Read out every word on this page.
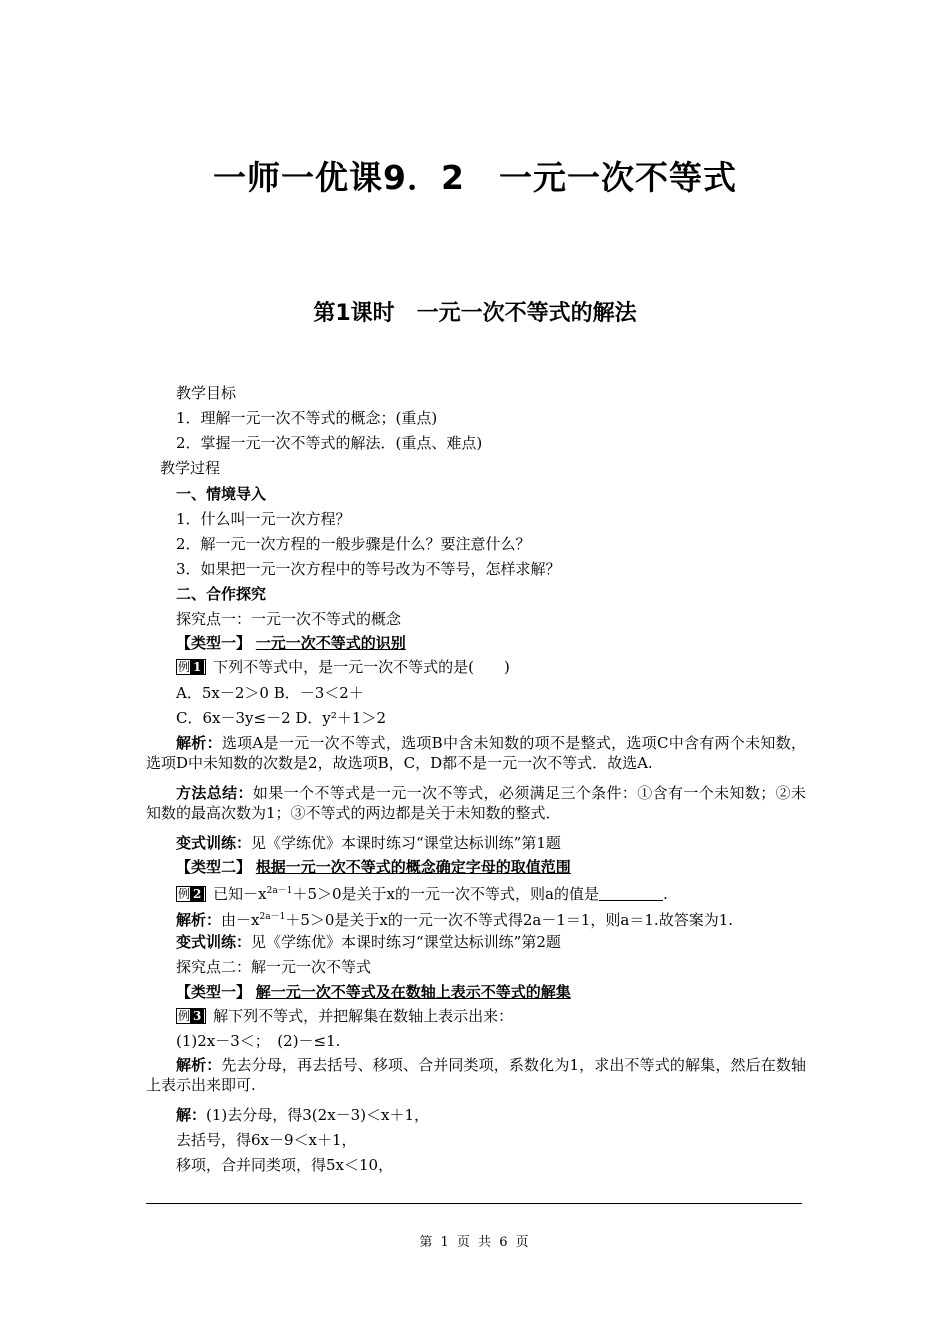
一师一优课9．2　一元一次不等式
第1课时　一元一次不等式的解法
教学目标
1．理解一元一次不等式的概念；(重点)
2．掌握一元一次不等式的解法．(重点、难点)
教学过程
一、情境导入
1．什么叫一元一次方程？
2．解一元一次方程的一般步骤是什么？要注意什么？
3．如果把一元一次方程中的等号改为不等号，怎样求解？
二、合作探究
探究点一：一元一次不等式的概念
【类型一】 一元一次不等式的识别
例 1 下列不等式中，是一元一次不等式的是(　　)
A．5x－2＞0 B．－3＜2＋
C．6x－3y≤－2 D．y²＋1＞2
解析：选项A是一元一次不等式，选项B中含未知数的项不是整式，选项C中含有两个未知数，选项D中未知数的次数是2，故选项B，C，D都不是一元一次不等式．故选A.
方法总结：如果一个不等式是一元一次不等式，必须满足三个条件：①含有一个未知数；②未知数的最高次数为1；③不等式的两边都是关于未知数的整式．
变式训练：见《学练优》本课时练习“课堂达标训练”第1题
【类型二】 根据一元一次不等式的概念确定字母的取值范围
例 2 已知$-x^{2a-1}+5>0$是关于x的一元一次不等式，则a的值是	.
解析：由$-x^{2a-1}+5>0$是关于x的一元一次不等式得2a－1＝1，则a＝1.故答案为1.
变式训练：见《学练优》本课时练习“课堂达标训练”第2题
探究点二：解一元一次不等式
【类型一】 解一元一次不等式及在数轴上表示不等式的解集
例 3 解下列不等式，并把解集在数轴上表示出来：
(1)2x－3＜；　(2)－≤1.
解析：先去分母，再去括号、移项、合并同类项，系数化为1，求出不等式的解集，然后在数轴上表示出来即可.
解：(1)去分母，得3(2x－3)＜x＋1，
去括号，得6x－9＜x＋1，
移项，合并同类项，得5x＜10，
第 1 页 共 6 页
